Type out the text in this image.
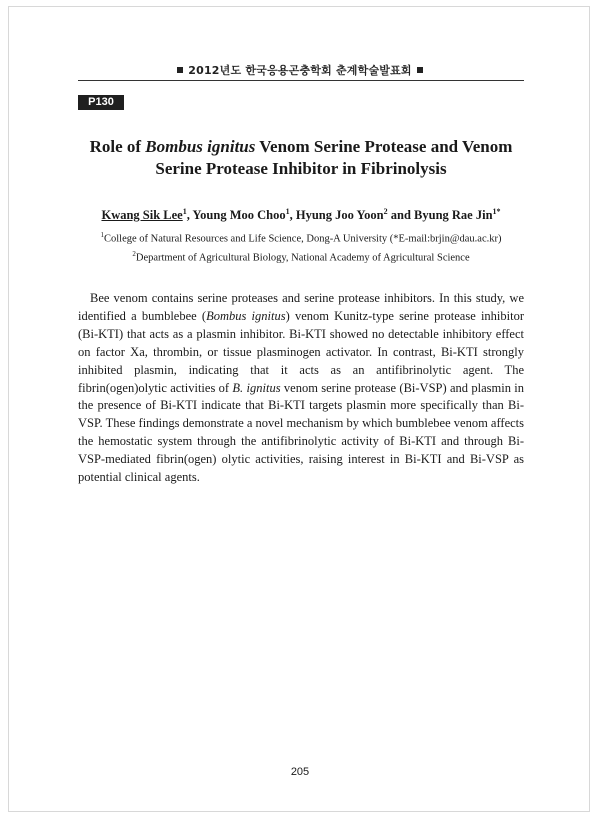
2012년도 한국응용곤충학회 춘계학술발표회
P130
Role of Bombus ignitus Venom Serine Protease and Venom Serine Protease Inhibitor in Fibrinolysis
Kwang Sik Lee$^1$, Young Moo Choo$^1$, Hyung Joo Yoon$^2$ and Byung Rae Jin$^{1*}$
$^1$College of Natural Resources and Life Science, Dong-A University (*E-mail:brjin@dau.ac.kr)
$^2$Department of Agricultural Biology, National Academy of Agricultural Science

Bee venom contains serine proteases and serine protease inhibitors. In this study, we identified a bumblebee (Bombus ignitus) venom Kunitz-type serine protease inhibitor (Bi-KTI) that acts as a plasmin inhibitor. Bi-KTI showed no detectable inhibitory effect on factor Xa, thrombin, or tissue plasminogen activator. In contrast, Bi-KTI strongly inhibited plasmin, indicating that it acts as an antifibrinolytic agent. The fibrin(ogen)olytic activities of B. ignitus venom serine protease (Bi-VSP) and plasmin in the presence of Bi-KTI indicate that Bi-KTI targets plasmin more specifically than Bi-VSP. These findings demonstrate a novel mechanism by which bumblebee venom affects the hemostatic system through the antifibrinolytic activity of Bi-KTI and through Bi-VSP-mediated fibrin(ogen) olytic activities, raising interest in Bi-KTI and Bi-VSP as potential clinical agents.

205
